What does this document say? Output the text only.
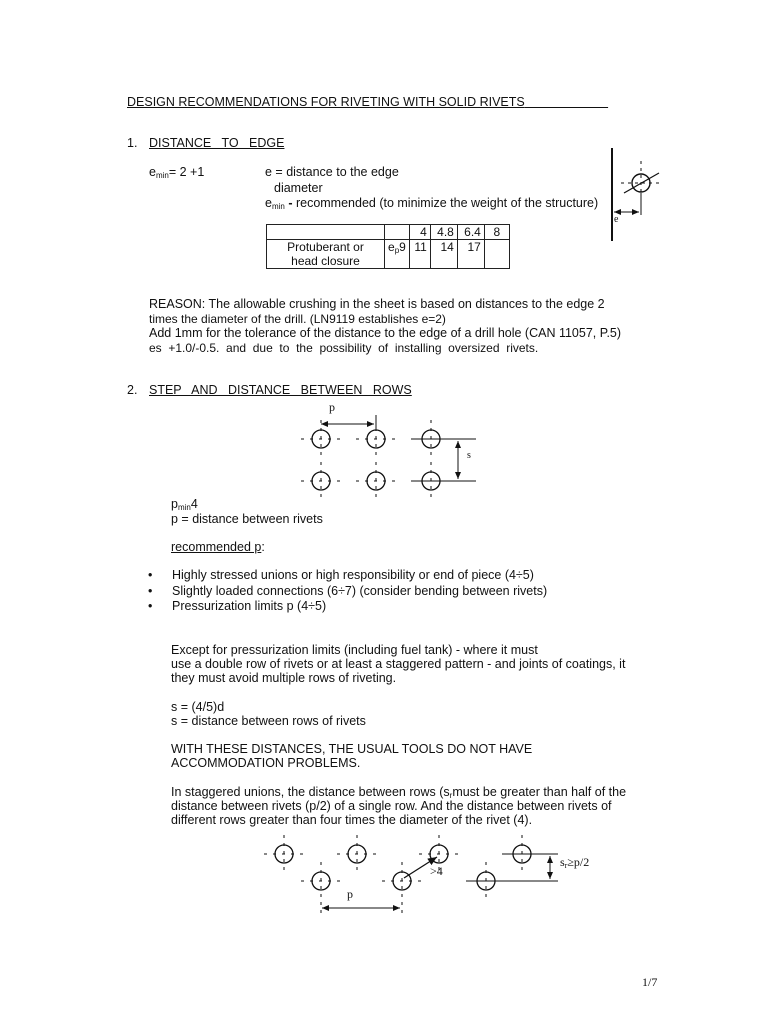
DESIGN RECOMMENDATIONS FOR RIVETING WITH SOLID RIVETS
1. DISTANCE   TO   EDGE
$e_{min}= 2 +1$	e = distance to the edge
diameter
$e_{min}$ - recommended (to minimize the weight of the structure)
		4	4.8	6.4	8

Protuberant or
head closure	$e_p9$	11	14	17	
REASON: The allowable crushing in the sheet is based on distances to the edge 2
times the diameter of the drill. (LN9119 establishes e=2)
Add 1mm for the tolerance of the distance to the edge of a drill hole (CAN 11057, P.5)
es  +1.0/-0.5.  and  due  to  the  possibility  of  installing  oversized  rivets.
2. STEP   AND   DISTANCE   BETWEEN   ROWS
$p_{min}4$
p = distance between rivets
recommended p:
• Highly stressed unions or high responsibility or end of piece (4÷5)
• Slightly loaded connections (6÷7) (consider bending between rivets)
• Pressurization limits p (4÷5)
Except for pressurization limits (including fuel tank) - where it must
use a double row of rivets or at least a staggered pattern - and joints of coatings, it
they must avoid multiple rows of riveting.
s = (4/5)d
s = distance between rows of rivets
WITH THESE DISTANCES, THE USUAL TOOLS DO NOT HAVE
ACCOMMODATION PROBLEMS.
In staggered unions, the distance between rows ($s_rmust$ be greater than half of the
distance between rivets (p/2) of a single row. And the distance between rivets of
different rows greater than four times the diameter of the rivet (4).
e
p
s
>4
p
$s_r\ge p/2$
1/7
